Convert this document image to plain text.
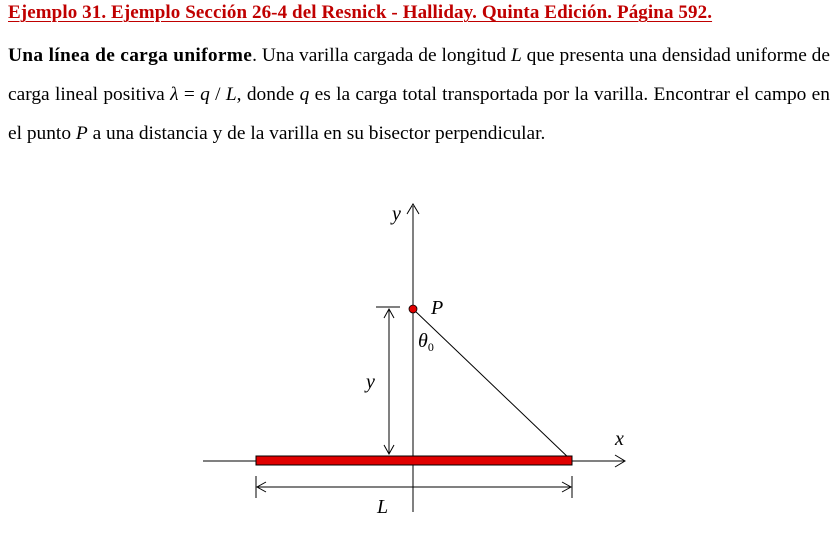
Ejemplo 31. Ejemplo Sección 26-4 del Resnick - Halliday. Quinta Edición. Página 592.

Una línea de carga uniforme. Una varilla cargada de longitud L que presenta una densidad uniforme de carga lineal positiva λ = q / L, donde q es la carga total transportada por la varilla. Encontrar el campo en el punto P a una distancia y de la varilla en su bisector perpendicular.

y
x
P
$\theta_0$
y
L
